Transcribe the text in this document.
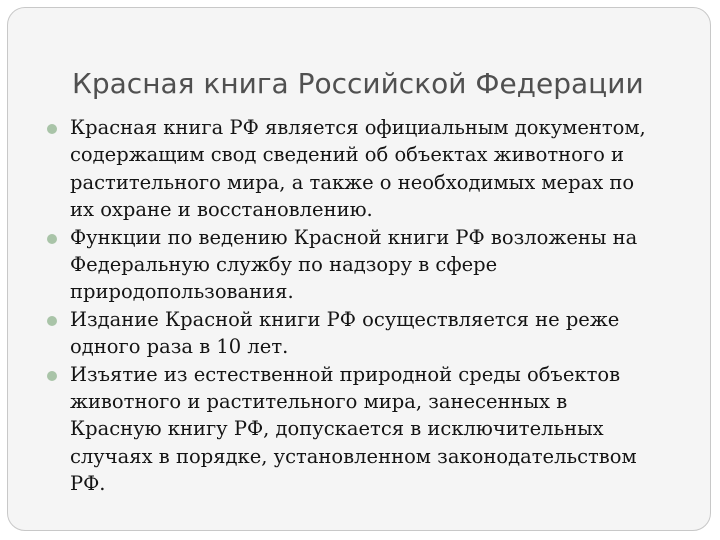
Красная книга Российской Федерации
Красная книга РФ является официальным документом,
содержащим свод сведений об объектах животного и
растительного мира, а также о необходимых мерах по
их охране и восстановлению.
Функции по ведению Красной книги РФ возложены на
Федеральную службу по надзору в сфере
природопользования.
Издание Красной книги РФ осуществляется не реже
одного раза в 10 лет.
Изъятие из естественной природной среды объектов
животного и растительного мира, занесенных в
Красную книгу РФ, допускается в исключительных
случаях в порядке, установленном законодательством
РФ.
